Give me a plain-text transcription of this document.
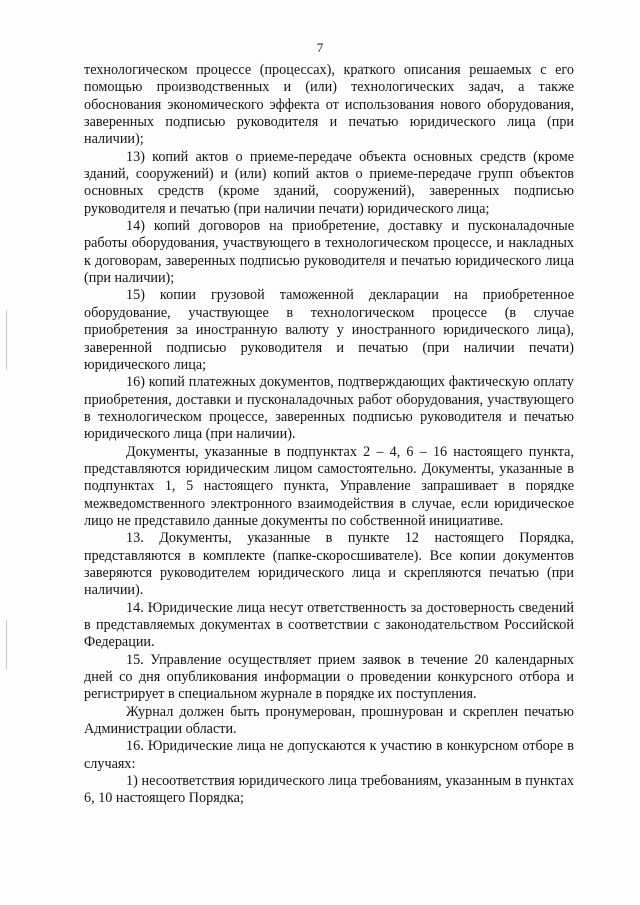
7

технологическом процессе (процессах), краткого описания решаемых с его помощью производственных и (или) технологических задач, а также обоснования экономического эффекта от использования нового оборудования, заверенных подписью руководителя и печатью юридического лица (при наличии);

13) копий актов о приеме-передаче объекта основных средств (кроме зданий, сооружений) и (или) копий актов о приеме-передаче групп объектов основных средств (кроме зданий, сооружений), заверенных подписью руководителя и печатью (при наличии печати) юридического лица;

14) копий договоров на приобретение, доставку и пусконаладочные работы оборудования, участвующего в технологическом процессе, и накладных к договорам, заверенных подписью руководителя и печатью юридического лица (при наличии);

15) копии грузовой таможенной декларации на приобретенное оборудование, участвующее в технологическом процессе (в случае приобретения за иностранную валюту у иностранного юридического лица), заверенной подписью руководителя и печатью (при наличии печати) юридического лица;

16) копий платежных документов, подтверждающих фактическую оплату приобретения, доставки и пусконаладочных работ оборудования, участвующего в технологическом процессе, заверенных подписью руководителя и печатью юридического лица (при наличии).

Документы, указанные в подпунктах 2 – 4, 6 – 16 настоящего пункта, представляются юридическим лицом самостоятельно. Документы, указанные в подпунктах 1, 5 настоящего пункта, Управление запрашивает в порядке межведомственного электронного взаимодействия в случае, если юридическое лицо не представило данные документы по собственной инициативе.

13. Документы, указанные в пункте 12 настоящего Порядка, представляются в комплекте (папке-скоросшивателе). Все копии документов заверяются руководителем юридического лица и скрепляются печатью (при наличии).

14. Юридические лица несут ответственность за достоверность сведений в представляемых документах в соответствии с законодательством Российской Федерации.

15. Управление осуществляет прием заявок в течение 20 календарных дней со дня опубликования информации о проведении конкурсного отбора и регистрирует в специальном журнале в порядке их поступления.

Журнал должен быть пронумерован, прошнурован и скреплен печатью Администрации области.

16. Юридические лица не допускаются к участию в конкурсном отборе в случаях:

1) несоответствия юридического лица требованиям, указанным в пунктах 6, 10 настоящего Порядка;
